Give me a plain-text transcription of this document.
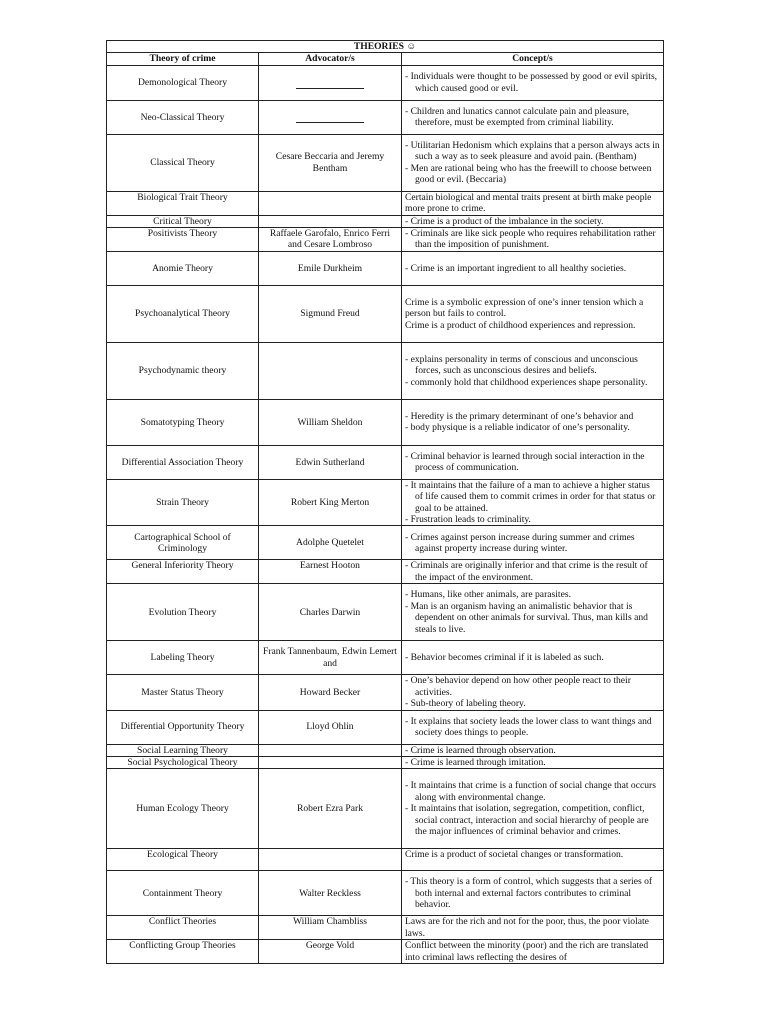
THEORIES ☺		
Theory of crime	Advocator/s	Concept/s
Demonological Theory		- Individuals were thought to be possessed by good or evil spirits, which caused good or evil.

Neo-Classical Theory		- Children and lunatics cannot calculate pain and pleasure, therefore, must be exempted from criminal liability.

Classical Theory	Cesare Beccaria and Jeremy Bentham	- Utilitarian Hedonism which explains that a person always acts in such a way as to seek pleasure and avoid pain. (Bentham)
- Men are rational being who has the freewill to choose between good or evil. (Beccaria)

Biological Trait Theory		Certain biological and mental traits present at birth make people more prone to crime.

Critical Theory		- Crime is a product of the imbalance in the society.

Positivists Theory	Raffaele Garofalo, Enrico Ferri and Cesare Lombroso	- Criminals are like sick people who requires rehabilitation rather than the imposition of punishment.

Anomie Theory	Emile Durkheim	- Crime is an important ingredient to all healthy societies.

Psychoanalytical Theory	Sigmund Freud	Crime is a symbolic expression of one’s inner tension which a person but fails to control.
Crime is a product of childhood experiences and repression.

Psychodynamic theory		- explains personality in terms of conscious and unconscious forces, such as unconscious desires and beliefs.
- commonly hold that childhood experiences shape personality.

Somatotyping Theory	William Sheldon	- Heredity is the primary determinant of one’s behavior and
- body physique is a reliable indicator of one’s personality.

Differential Association Theory	Edwin Sutherland	- Criminal behavior is learned through social interaction in the process of communication.

Strain Theory	Robert King Merton	- It maintains that the failure of a man to achieve a higher status of life caused them to commit crimes in order for that status or goal to be attained.
- Frustration leads to criminality.

Cartographical School of Criminology	Adolphe Quetelet	- Crimes against person increase during summer and crimes against property increase during winter.

General Inferiority Theory	Earnest Hooton	- Criminals are originally inferior and that crime is the result of the impact of the environment.

Evolution Theory	Charles Darwin	- Humans, like other animals, are parasites.
- Man is an organism having an animalistic behavior that is dependent on other animals for survival. Thus, man kills and steals to live.

Labeling Theory	Frank Tannenbaum, Edwin Lemert and	- Behavior becomes criminal if it is labeled as such.

Master Status Theory	Howard Becker	- One’s behavior depend on how other people react to their activities.
- Sub-theory of labeling theory.

Differential Opportunity Theory	Lloyd Ohlin	- It explains that society leads the lower class to want things and society does things to people.

Social Learning Theory		- Crime is learned through observation.

Social Psychological Theory		- Crime is learned through imitation.

Human Ecology Theory	Robert Ezra Park	- It maintains that crime is a function of social change that occurs along with environmental change.
- It maintains that isolation, segregation, competition, conflict, social contract, interaction and social hierarchy of people are the major influences of criminal behavior and crimes.

Ecological Theory		Crime is a product of societal changes or transformation.

Containment Theory	Walter Reckless	- This theory is a form of control, which suggests that a series of both internal and external factors contributes to criminal behavior.

Conflict Theories	William Chambliss	Laws are for the rich and not for the poor, thus, the poor violate laws.

Conflicting Group Theories	George Vold	Conflict between the minority (poor) and the rich are translated into criminal laws reflecting the desires of
